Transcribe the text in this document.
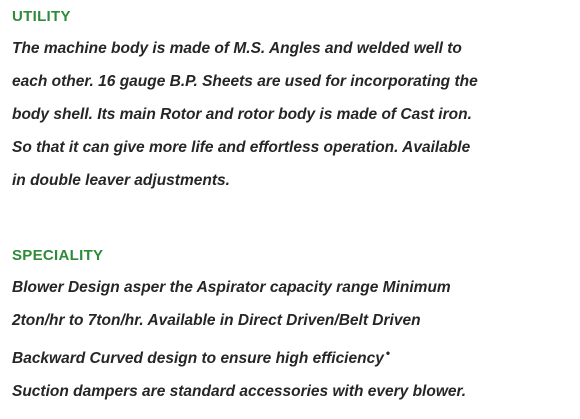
UTILITY
The machine body is made of M.S. Angles and welded well to
each other. 16 gauge B.P. Sheets are used for incorporating the
body shell. Its main Rotor and rotor body is made of Cast iron.
So that it can give more life and effortless operation. Available
in double leaver adjustments.
SPECIALITY
Blower Design asper the Aspirator capacity range Minimum
2ton/hr to 7ton/hr. Available in Direct Driven/Belt Driven
Backward Curved design to ensure high efficiency •
Suction dampers are standard accessories with every blower.
